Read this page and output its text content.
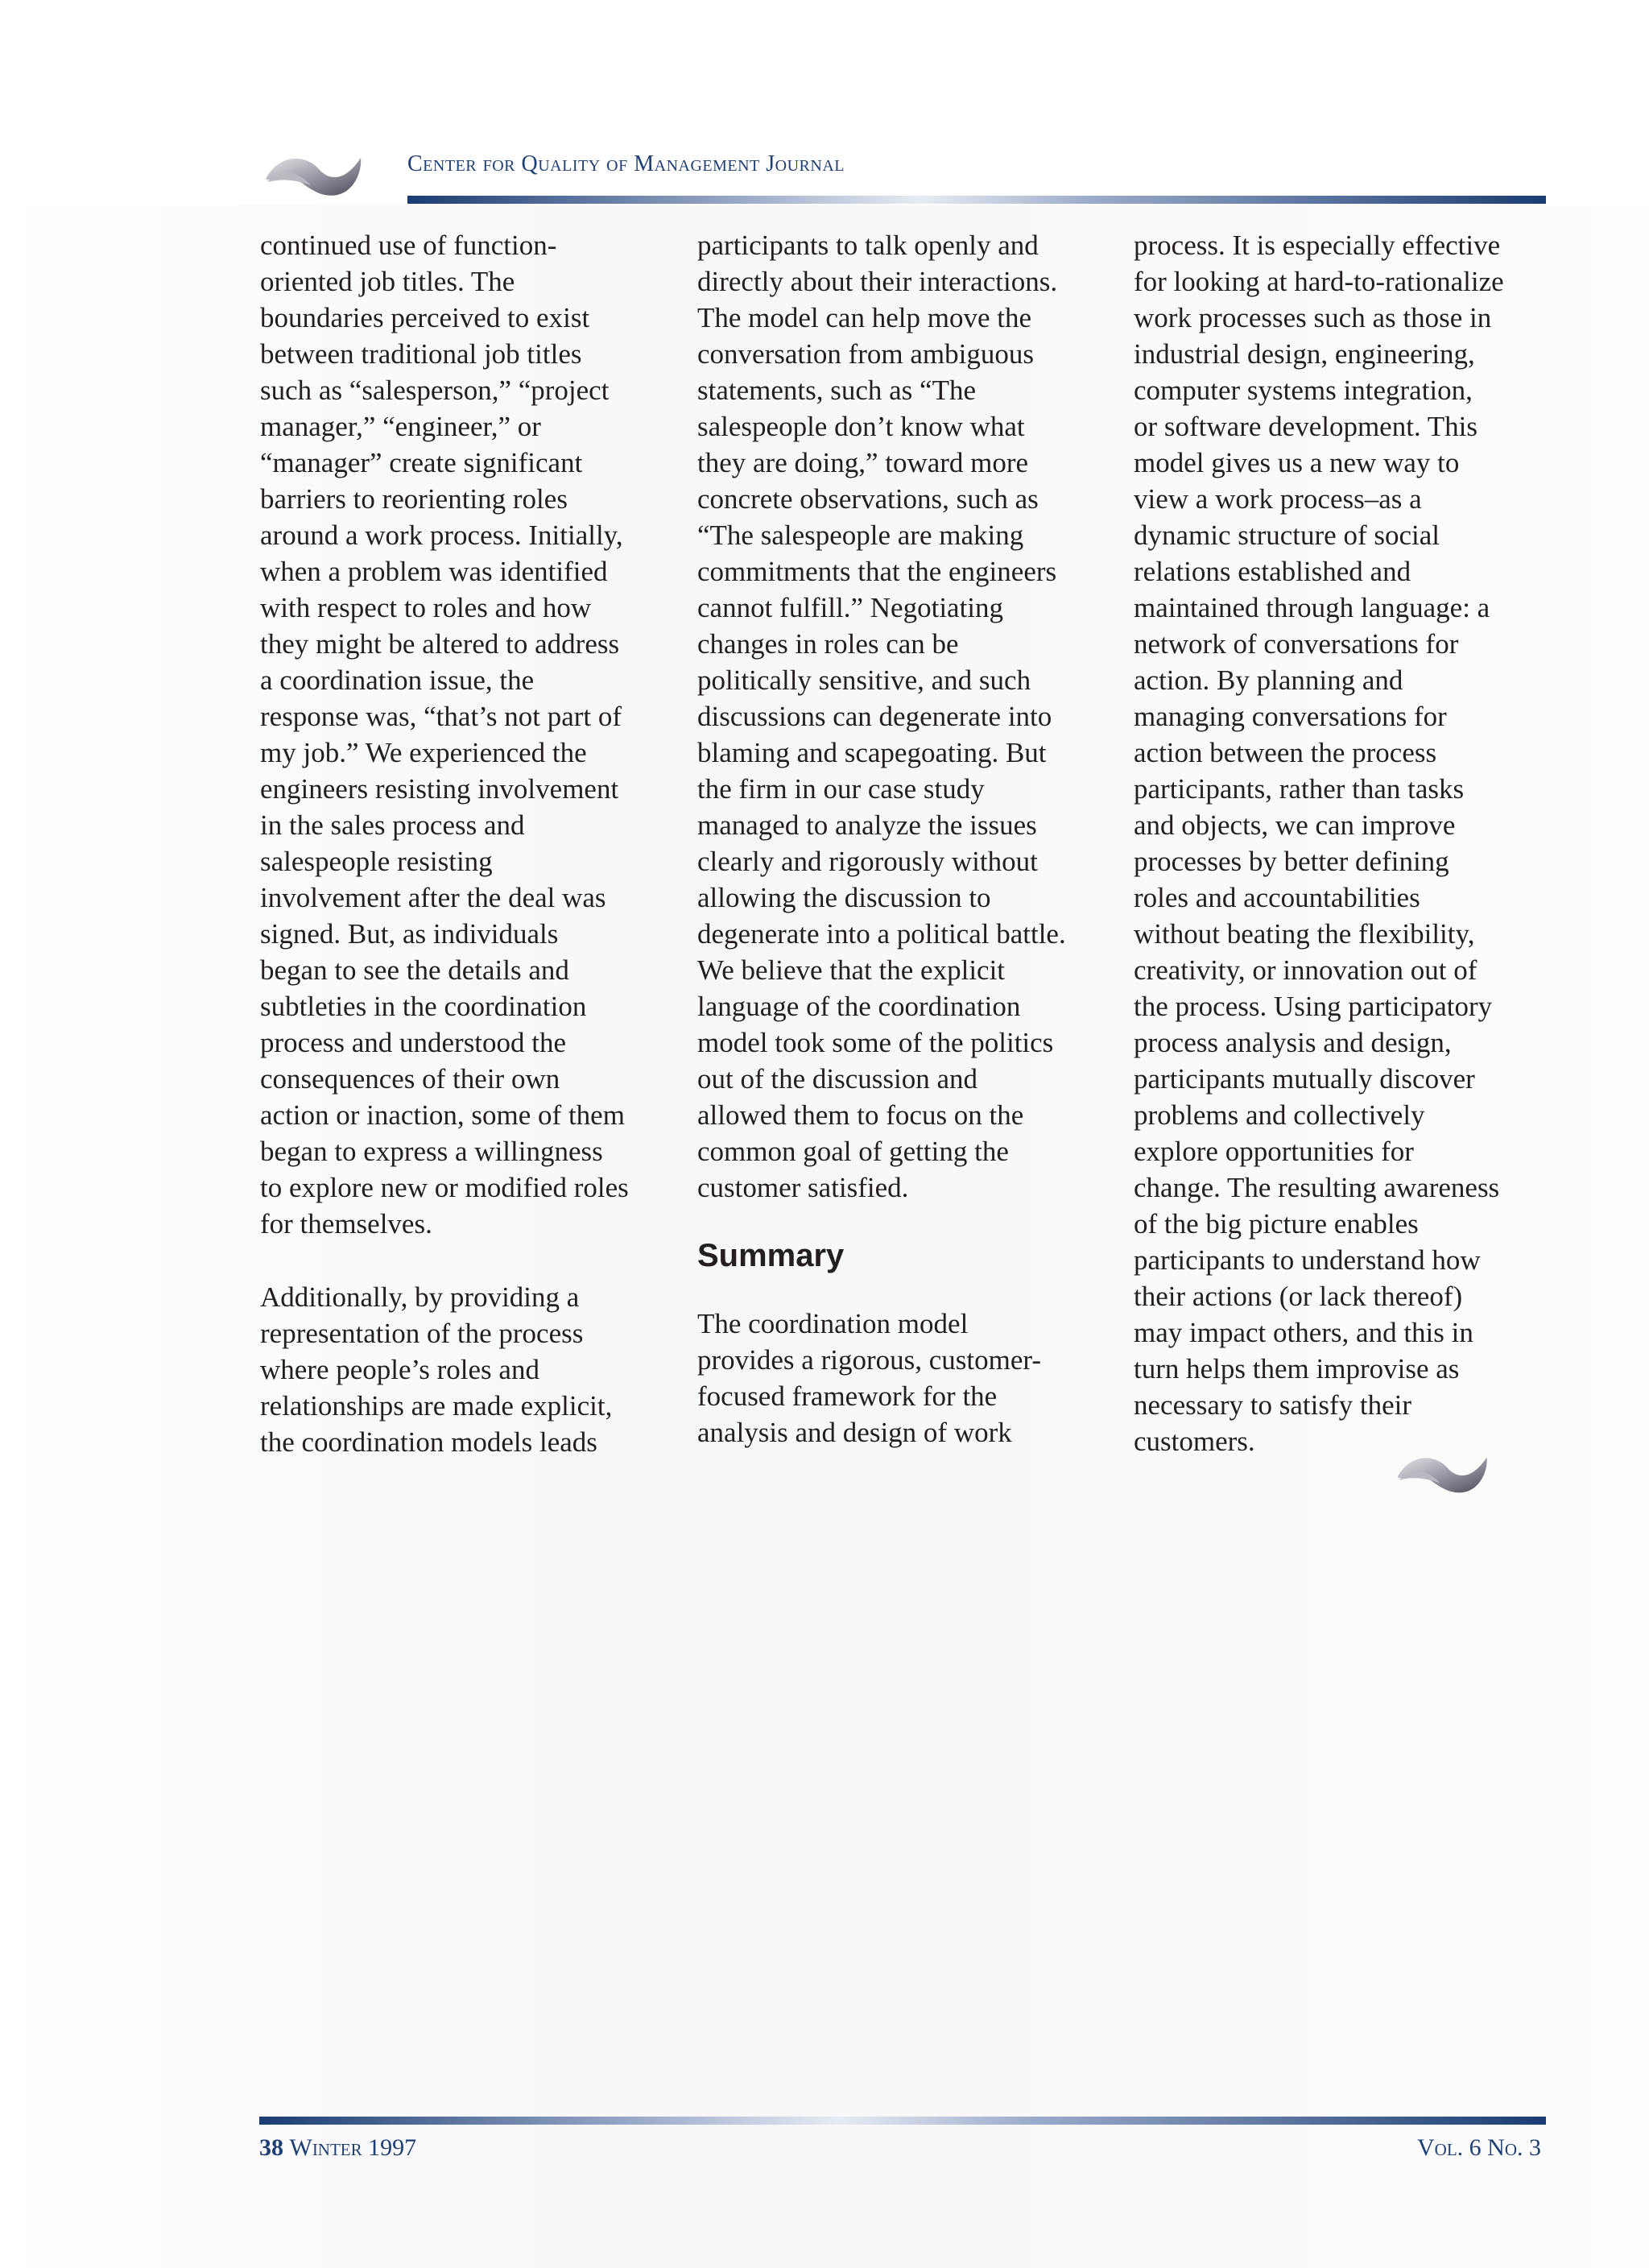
Center for Quality of Management Journal

continued use of function-
oriented job titles. The
boundaries perceived to exist
between traditional job titles
such as “salesperson,” “project
manager,” “engineer,” or
“manager” create significant
barriers to reorienting roles
around a work process. Initially,
when a problem was identified
with respect to roles and how
they might be altered to address
a coordination issue, the
response was, “that’s not part of
my job.” We experienced the
engineers resisting involvement
in the sales process and
salespeople resisting
involvement after the deal was
signed. But, as individuals
began to see the details and
subtleties in the coordination
process and understood the
consequences of their own
action or inaction, some of them
began to express a willingness
to explore new or modified roles
for themselves.

Additionally, by providing a
representation of the process
where people’s roles and
relationships are made explicit,
the coordination models leads

participants to talk openly and
directly about their interactions.
The model can help move the
conversation from ambiguous
statements, such as “The
salespeople don’t know what
they are doing,” toward more
concrete observations, such as
“The salespeople are making
commitments that the engineers
cannot fulfill.” Negotiating
changes in roles can be
politically sensitive, and such
discussions can degenerate into
blaming and scapegoating. But
the firm in our case study
managed to analyze the issues
clearly and rigorously without
allowing the discussion to
degenerate into a political battle.
We believe that the explicit
language of the coordination
model took some of the politics
out of the discussion and
allowed them to focus on the
common goal of getting the
customer satisfied.

Summary

The coordination model
provides a rigorous, customer-
focused framework for the
analysis and design of work

process. It is especially effective
for looking at hard-to-rationalize
work processes such as those in
industrial design, engineering,
computer systems integration,
or software development. This
model gives us a new way to
view a work process–as a
dynamic structure of social
relations established and
maintained through language: a
network of conversations for
action. By planning and
managing conversations for
action between the process
participants, rather than tasks
and objects, we can improve
processes by better defining
roles and accountabilities
without beating the flexibility,
creativity, or innovation out of
the process. Using participatory
process analysis and design,
participants mutually discover
problems and collectively
explore opportunities for
change. The resulting awareness
of the big picture enables
participants to understand how
their actions (or lack thereof)
may impact others, and this in
turn helps them improvise as
necessary to satisfy their
customers.

38 Winter 1997	Vol. 6 No. 3
